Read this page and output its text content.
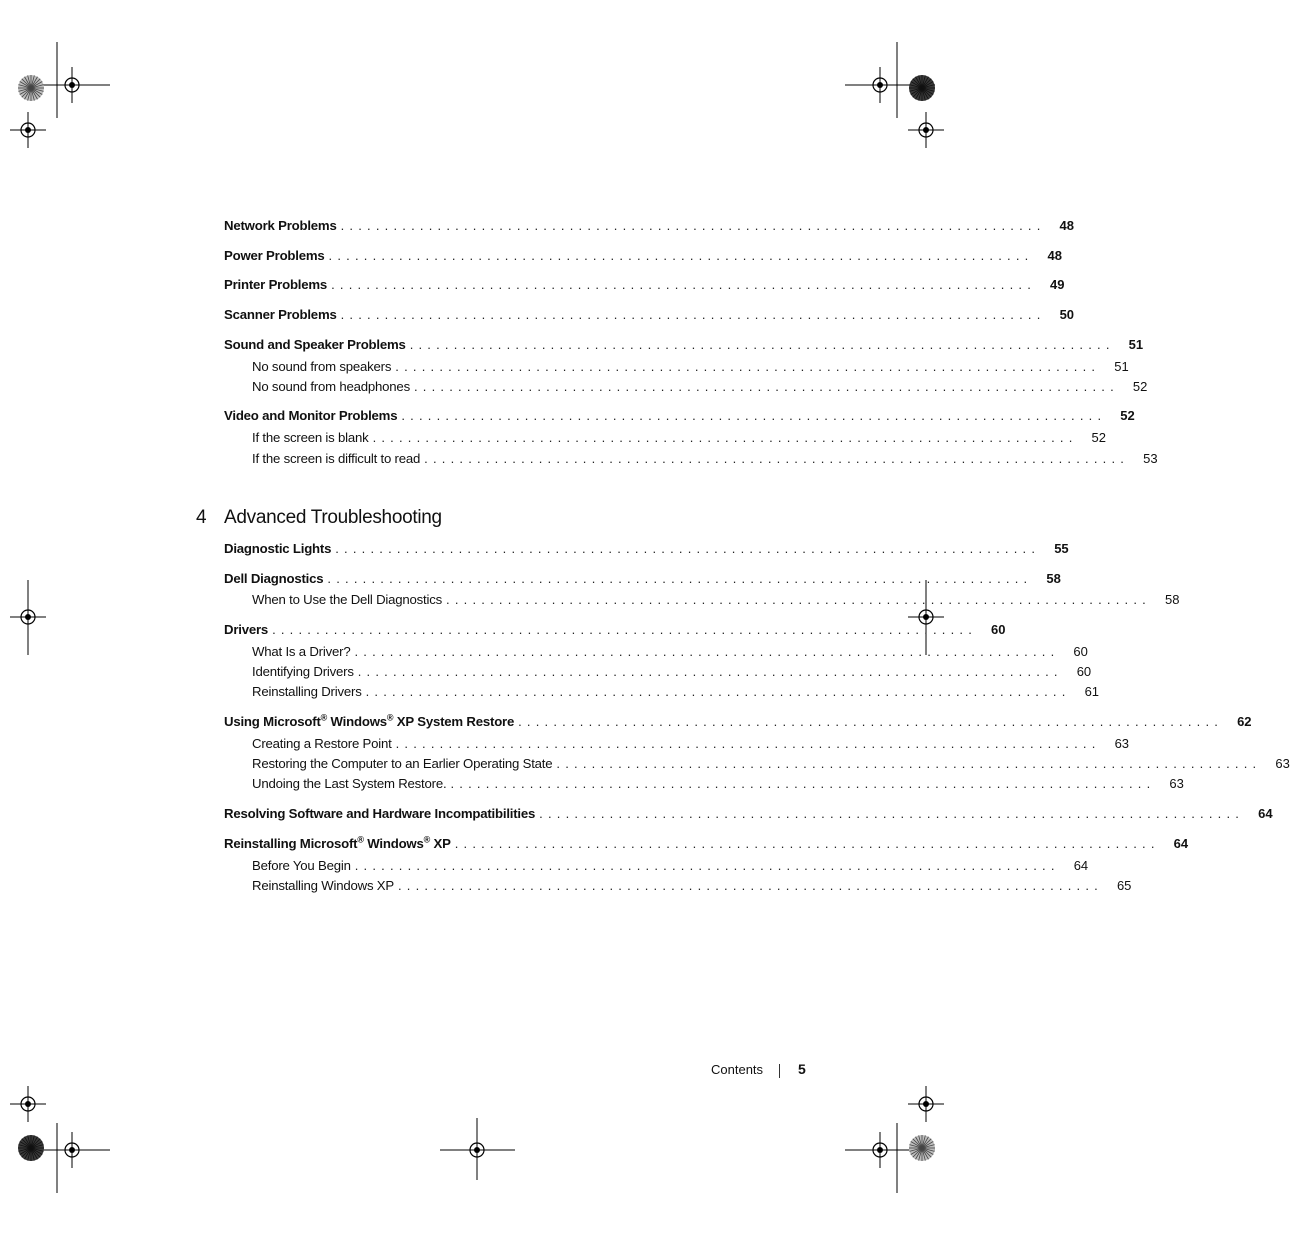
Network Problems ................................................................................ 48
Power Problems ................................................................................ 48
Printer Problems ................................................................................ 49
Scanner Problems ................................................................................ 50
Sound and Speaker Problems ................................................................................ 51
No sound from speakers ................................................................................ 51
No sound from headphones ................................................................................ 52
Video and Monitor Problems ................................................................................ 52
If the screen is blank ................................................................................ 52
If the screen is difficult to read ................................................................................ 53
Diagnostic Lights ................................................................................ 55
Dell Diagnostics ................................................................................ 58
When to Use the Dell Diagnostics ................................................................................ 58
Drivers ................................................................................ 60
What Is a Driver? ................................................................................ 60
Identifying Drivers ................................................................................ 60
Reinstalling Drivers ................................................................................ 61
Using Microsoft® Windows® XP System Restore ................................................................................ 62
Creating a Restore Point ................................................................................ 63
Restoring the Computer to an Earlier Operating State ................................................................................ 63
Undoing the Last System Restore. ................................................................................ 63
Resolving Software and Hardware Incompatibilities ................................................................................ 64
Reinstalling Microsoft® Windows® XP ................................................................................ 64
Before You Begin ................................................................................ 64
Reinstalling Windows XP ................................................................................ 65
4 Advanced Troubleshooting
Contents 5
